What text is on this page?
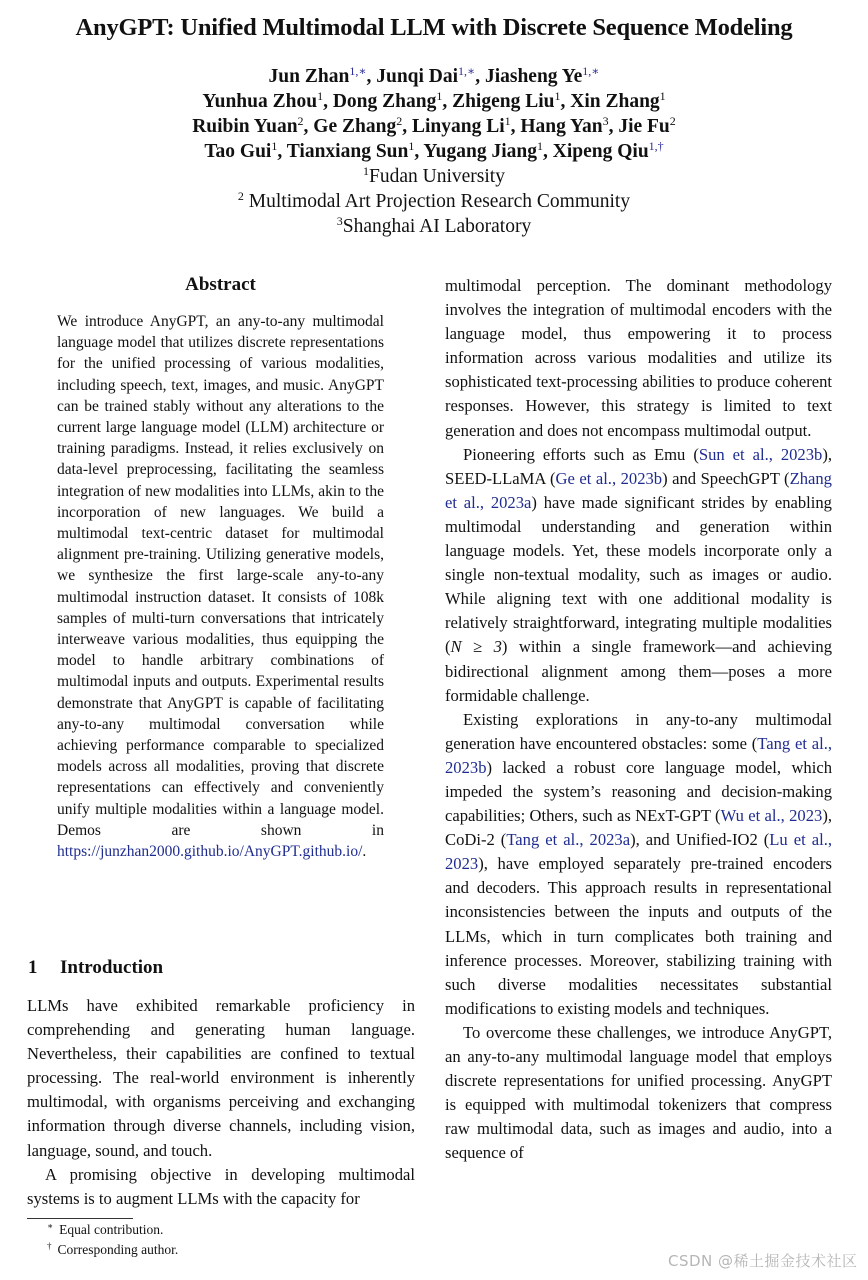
AnyGPT: Unified Multimodal LLM with Discrete Sequence Modeling
Jun Zhan$^{1,∗}$, Junqi Dai$^{1,∗}$, Jiasheng $Ye^{1,∗}$
Yunhua Zhou$^1$, Dong Zhang$^1$, Zhigeng Liu$^1$, Xin Zhang$^1$
Ruibin Yuan$^2$, Ge Zhang$^2$, Linyang Li$^1$, Hang Yan$^3$, Jie Fu$^2$
Tao Gui$^1$, Tianxiang Sun$^1$, Yugang Jiang$^1$, Xipeng Qiu$^{1,\dagger}$
$^1$Fudan University
$^2$ Multimodal Art Projection Research Community
$^3$Shanghai AI Laboratory
Abstract

We introduce AnyGPT, an any-to-any multimodal language model that utilizes discrete representations for the unified processing of various modalities, including speech, text, images, and music. AnyGPT can be trained stably without any alterations to the current large language model (LLM) architecture or training paradigms. Instead, it relies exclusively on data-level preprocessing, facilitating the seamless integration of new modalities into LLMs, akin to the incorporation of new languages. We build a multimodal text-centric dataset for multimodal alignment pre-training. Utilizing generative models, we synthesize the first large-scale any-to-any multimodal instruction dataset. It consists of 108k samples of multi-turn conversations that intricately interweave various modalities, thus equipping the model to handle arbitrary combinations of multimodal inputs and outputs. Experimental results demonstrate that AnyGPT is capable of facilitating any-to-any multimodal conversation while achieving performance comparable to specialized models across all modalities, proving that discrete representations can effectively and conveniently unify multiple modalities within a language model. Demos are shown in https://junzhan2000.github.io/AnyGPT.github.io/.

1 Introduction

LLMs have exhibited remarkable proficiency in comprehending and generating human language. Nevertheless, their capabilities are confined to textual processing. The real-world environment is inherently multimodal, with organisms perceiving and exchanging information through diverse channels, including vision, language, sound, and touch.

A promising objective in developing multimodal systems is to augment LLMs with the capacity for

multimodal perception. The dominant methodology involves the integration of multimodal encoders with the language model, thus empowering it to process information across various modalities and utilize its sophisticated text-processing abilities to produce coherent responses. However, this strategy is limited to text generation and does not encompass multimodal output.

Pioneering efforts such as Emu (Sun et al., 2023b), SEED-LLaMA (Ge et al., 2023b) and SpeechGPT (Zhang et al., 2023a) have made significant strides by enabling multimodal understanding and generation within language models. Yet, these models incorporate only a single non-textual modality, such as images or audio. While aligning text with one additional modality is relatively straightforward, integrating multiple modalities (N ≥ 3) within a single framework—and achieving bidirectional alignment among them—poses a more formidable challenge.

Existing explorations in any-to-any multimodal generation have encountered obstacles: some (Tang et al., 2023b) lacked a robust core language model, which impeded the system’s reasoning and decision-making capabilities; Others, such as NExT-GPT (Wu et al., 2023), CoDi-2 (Tang et al., 2023a), and Unified-IO2 (Lu et al., 2023), have employed separately pre-trained encoders and decoders. This approach results in representational inconsistencies between the inputs and outputs of the LLMs, which in turn complicates both training and inference processes. Moreover, stabilizing training with such diverse modalities necessitates substantial modifications to existing models and techniques.

To overcome these challenges, we introduce AnyGPT, an any-to-any multimodal language model that employs discrete representations for unified processing. AnyGPT is equipped with multimodal tokenizers that compress raw multimodal data, such as images and audio, into a sequence of

∗ Equal contribution.
† Corresponding author.
CSDN @稀土掘金技术社区
